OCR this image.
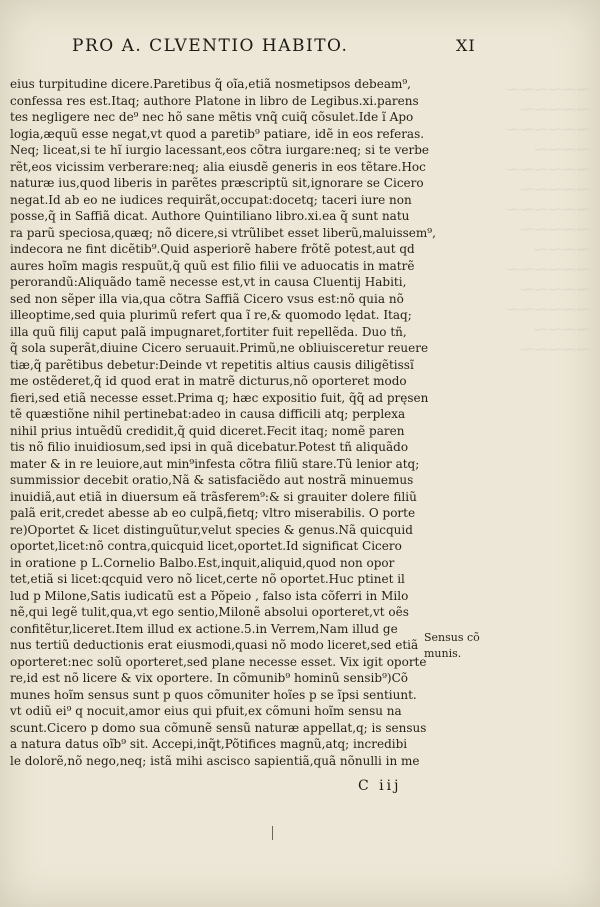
⁓⁓⁓⁓⁓⁓
⁓⁓⁓⁓⁓
⁓⁓⁓⁓⁓⁓
⁓⁓⁓⁓
⁓⁓⁓⁓⁓⁓
⁓⁓⁓⁓⁓
⁓⁓⁓⁓⁓⁓
⁓⁓⁓⁓⁓
⁓⁓⁓⁓
⁓⁓⁓⁓⁓⁓
⁓⁓⁓⁓⁓
⁓⁓⁓⁓⁓⁓
⁓⁓⁓⁓
⁓⁓⁓⁓⁓
PRO A. CLVENTIO HABITO.	XI
eius turpitudine dicere.Paretibus q̃ oĩa,etiã nosmetipsos debeam⁹,
confessa res est.Itaq; authore Platone in libro de Legibus.xi.parens
tes negligere nec de⁹ nec hõ sane mẽtis vnq̃ cuiq̃ cõsulet.Ide ĩ Apo
logia,æquũ esse negat,vt quod a paretib⁹ patiare, idẽ in eos referas.
Neq; liceat,si te hĩ iurgio lacessant,eos cõtra iurgare:neq; si te verbe
rẽt,eos vicissim verberare:neq; alia eiusdẽ generis in eos tẽtare.Hoc
naturæ ius,quod liberis in parẽtes præscriptũ sit,ignorare se Cicero
negat.Id ab eo ne iudices requirãt,occupat:docetq; taceri iure non
posse,q̃ in Saffiã dicat. Authore Quintiliano libro.xi.ea q̃ sunt natu
ra parũ speciosa,quæq; nõ dicere,si vtrũlibet esset liberũ,maluissem⁹,
indecora ne fint dicẽtib⁹.Quid asperiorẽ habere frõtẽ potest,aut qd
aures hoĩm magis respuũt,q̃ quũ est filio filii ve aduocatis in matrẽ
perorandũ:Aliquãdo tamẽ necesse est,vt in causa Cluentij Habiti,
sed non sẽper illa via,qua cõtra Saffiã Cicero vsus est:nõ quia nõ
illeoptime,sed quia plurimũ refert qua ĩ re,& quomodo lędat. Itaq;
illa quũ filij caput palã impugnaret,fortiter fuit repellẽda. Duo tñ,
q̃ sola superãt,diuine Cicero seruauit.Primũ,ne obliuisceretur reuere
tiæ,q̃ parẽtibus debetur:Deinde vt repetitis altius causis diligẽtissĩ
me ostẽderet,q̃ id quod erat in matrẽ dicturus,nõ oporteret modo
fieri,sed etiã necesse esset.Prima q; hæc expositio fuit, q̃q̃ ad pręsen
tẽ quæstiõne nihil pertinebat:adeo in causa difficili atq; perplexa
nihil prius intuẽdũ credidit,q̃ quid diceret.Fecit itaq; nomẽ paren
tis nõ filio inuidiosum,sed ipsi in quã dicebatur.Potest tñ aliquãdo
mater & in re leuiore,aut min⁹infesta cõtra filiũ stare.Tũ lenior atq;
summissior decebit oratio,Nã & satisfaciẽdo aut nostrã minuemus
inuidiã,aut etiã in diuersum eã trãsferem⁹:& si grauiter dolere filiũ
palã erit,credet abesse ab eo culpã,fietq; vltro miserabilis. O porte
re)Oportet & licet distinguũtur,velut species & genus.Nã quicquid
oportet,licet:nõ contra,quicquid licet,oportet.Id significat Cicero
in oratione p L.Cornelio Balbo.Est,inquit,aliquid,quod non opor
tet,etiã si licet:qcquid vero nõ licet,certe nõ oportet.Huc ptinet il
lud p Milone,Satis iudicatũ est a Põpeio , falso ista cõferri in Milo
nẽ,qui legẽ tulit,qua,vt ego sentio,Milonẽ absolui oporteret,vt oẽs
confitẽtur,liceret.Item illud ex actione.5.in Verrem,Nam illud ge
nus tertiũ deductionis erat eiusmodi,quasi nõ modo liceret,sed etiã
oporteret:nec solũ oporteret,sed plane necesse esset. Vix igit oporte
re,id est nõ licere & vix oportere. In cõmunib⁹ hominũ sensib⁹)Cõ
munes hoĩm sensus sunt p quos cõmuniter hoĩes p se ĩpsi sentiunt.
vt odiũ ei⁹ q nocuit,amor eius qui pfuit,ex cõmuni hoĩm sensu na
scunt.Cicero p domo sua cõmunẽ sensũ naturæ appellat,q; is sensus
a natura datus oĩb⁹ sit. Accepi,inq̃t,Põtifices magnũ,atq; incredibi
le dolorẽ,nõ nego,neq; istã mihi ascisco sapientiã,quã nõnulli in me
Sensus cõ
munis.
C iij
